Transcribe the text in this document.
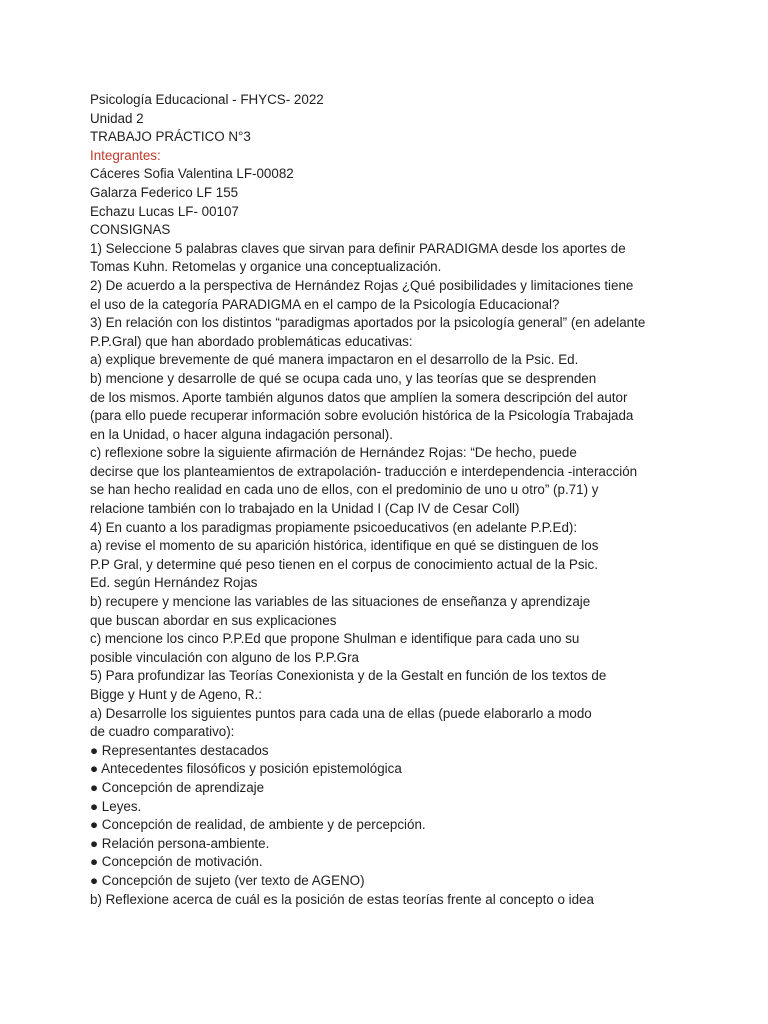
Psicología Educacional - FHYCS- 2022
Unidad 2
TRABAJO PRÁCTICO N°3
Integrantes:
Cáceres Sofia Valentina LF-00082
Galarza Federico LF 155
Echazu Lucas LF- 00107
CONSIGNAS
1) Seleccione 5 palabras claves que sirvan para definir PARADIGMA desde los aportes de
Tomas Kuhn. Retomelas y organice una conceptualización.
2) De acuerdo a la perspectiva de Hernández Rojas ¿Qué posibilidades y limitaciones tiene
el uso de la categoría PARADIGMA en el campo de la Psicología Educacional?
3) En relación con los distintos “paradigmas aportados por la psicología general” (en adelante
P.P.Gral) que han abordado problemáticas educativas:
a) explique brevemente de qué manera impactaron en el desarrollo de la Psic. Ed.
b) mencione y desarrolle de qué se ocupa cada uno, y las teorías que se desprenden
de los mismos. Aporte también algunos datos que amplíen la somera descripción del autor
(para ello puede recuperar información sobre evolución histórica de la Psicología Trabajada
en la Unidad, o hacer alguna indagación personal).
c) reflexione sobre la siguiente afirmación de Hernández Rojas: “De hecho, puede
decirse que los planteamientos de extrapolación- traducción e interdependencia -interacción
se han hecho realidad en cada uno de ellos, con el predominio de uno u otro” (p.71) y
relacione también con lo trabajado en la Unidad I (Cap IV de Cesar Coll)
4) En cuanto a los paradigmas propiamente psicoeducativos (en adelante P.P.Ed):
a) revise el momento de su aparición histórica, identifique en qué se distinguen de los
P.P Gral, y determine qué peso tienen en el corpus de conocimiento actual de la Psic.
Ed. según Hernández Rojas
b) recupere y mencione las variables de las situaciones de enseñanza y aprendizaje
que buscan abordar en sus explicaciones
c) mencione los cinco P.P.Ed que propone Shulman e identifique para cada uno su
posible vinculación con alguno de los P.P.Gra
5) Para profundizar las Teorías Conexionista y de la Gestalt en función de los textos de
Bigge y Hunt y de Ageno, R.:
a) Desarrolle los siguientes puntos para cada una de ellas (puede elaborarlo a modo
de cuadro comparativo):
● Representantes destacados
● Antecedentes filosóficos y posición epistemológica
● Concepción de aprendizaje
● Leyes.
● Concepción de realidad, de ambiente y de percepción.
● Relación persona-ambiente.
● Concepción de motivación.
● Concepción de sujeto (ver texto de AGENO)
b) Reflexione acerca de cuál es la posición de estas teorías frente al concepto o idea
